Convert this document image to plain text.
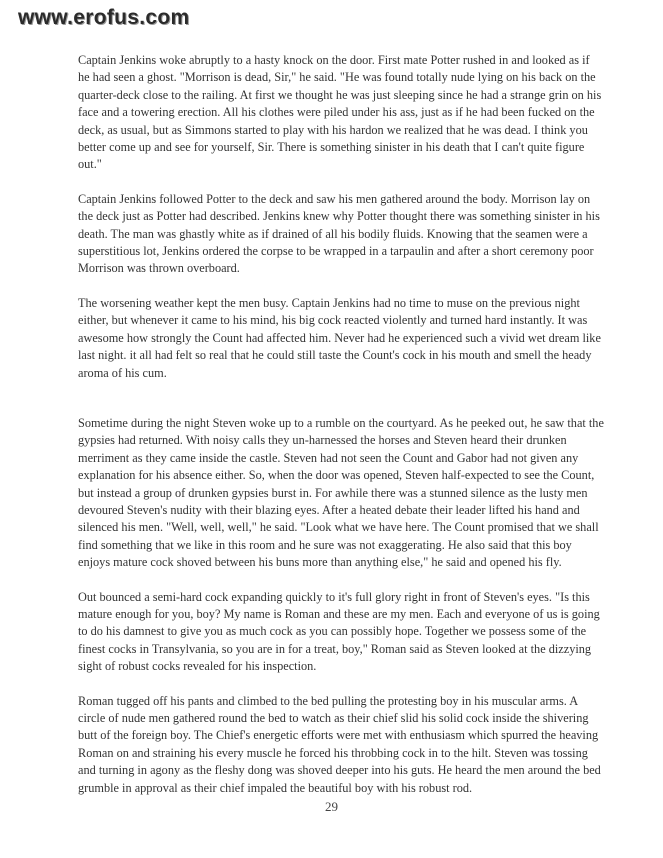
www.erofus.com

Captain Jenkins woke abruptly to a hasty knock on the door. First mate Potter rushed in and looked as if he had seen a ghost. "Morrison is dead, Sir," he said. "He was found totally nude lying on his back on the quarter-deck close to the railing. At first we thought he was just sleeping since he had a strange grin on his face and a towering erection. All his clothes were piled under his ass, just as if he had been fucked on the deck, as usual, but as Simmons started to play with his hardon we realized that he was dead. I think you better come up and see for yourself, Sir. There is something sinister in his death that I can't quite figure out."

Captain Jenkins followed Potter to the deck and saw his men gathered around the body. Morrison lay on the deck just as Potter had described. Jenkins knew why Potter thought there was something sinister in his death. The man was ghastly white as if drained of all his bodily fluids. Knowing that the seamen were a superstitious lot, Jenkins ordered the corpse to be wrapped in a tarpaulin and after a short ceremony poor Morrison was thrown overboard.

The worsening weather kept the men busy. Captain Jenkins had no time to muse on the previous night either, but whenever it came to his mind, his big cock reacted violently and turned hard instantly. It was awesome how strongly the Count had affected him. Never had he experienced such a vivid wet dream like last night. it all had felt so real that he could still taste the Count's cock in his mouth and smell the heady aroma of his cum.

Sometime during the night Steven woke up to a rumble on the courtyard. As he peeked out, he saw that the gypsies had returned. With noisy calls they un-harnessed the horses and Steven heard their drunken merriment as they came inside the castle. Steven had not seen the Count and Gabor had not given any explanation for his absence either. So, when the door was opened, Steven half-expected to see the Count, but instead a group of drunken gypsies burst in. For awhile there was a stunned silence as the lusty men devoured Steven's nudity with their blazing eyes. After a heated debate their leader lifted his hand and silenced his men. "Well, well, well," he said. "Look what we have here. The Count promised that we shall find something that we like in this room and he sure was not exaggerating. He also said that this boy enjoys mature cock shoved between his buns more than anything else," he said and opened his fly.

Out bounced a semi-hard cock expanding quickly to it's full glory right in front of Steven's eyes. "Is this mature enough for you, boy? My name is Roman and these are my men. Each and everyone of us is going to do his damnest to give you as much cock as you can possibly hope. Together we possess some of the finest cocks in Transylvania, so you are in for a treat, boy," Roman said as Steven looked at the dizzying sight of robust cocks revealed for his inspection.

Roman tugged off his pants and climbed to the bed pulling the protesting boy in his muscular arms. A circle of nude men gathered round the bed to watch as their chief slid his solid cock inside the shivering butt of the foreign boy. The Chief's energetic efforts were met with enthusiasm which spurred the heaving Roman on and straining his every muscle he forced his throbbing cock in to the hilt. Steven was tossing and turning in agony as the fleshy dong was shoved deeper into his guts. He heard the men around the bed grumble in approval as their chief impaled the beautiful boy with his robust rod.

29
